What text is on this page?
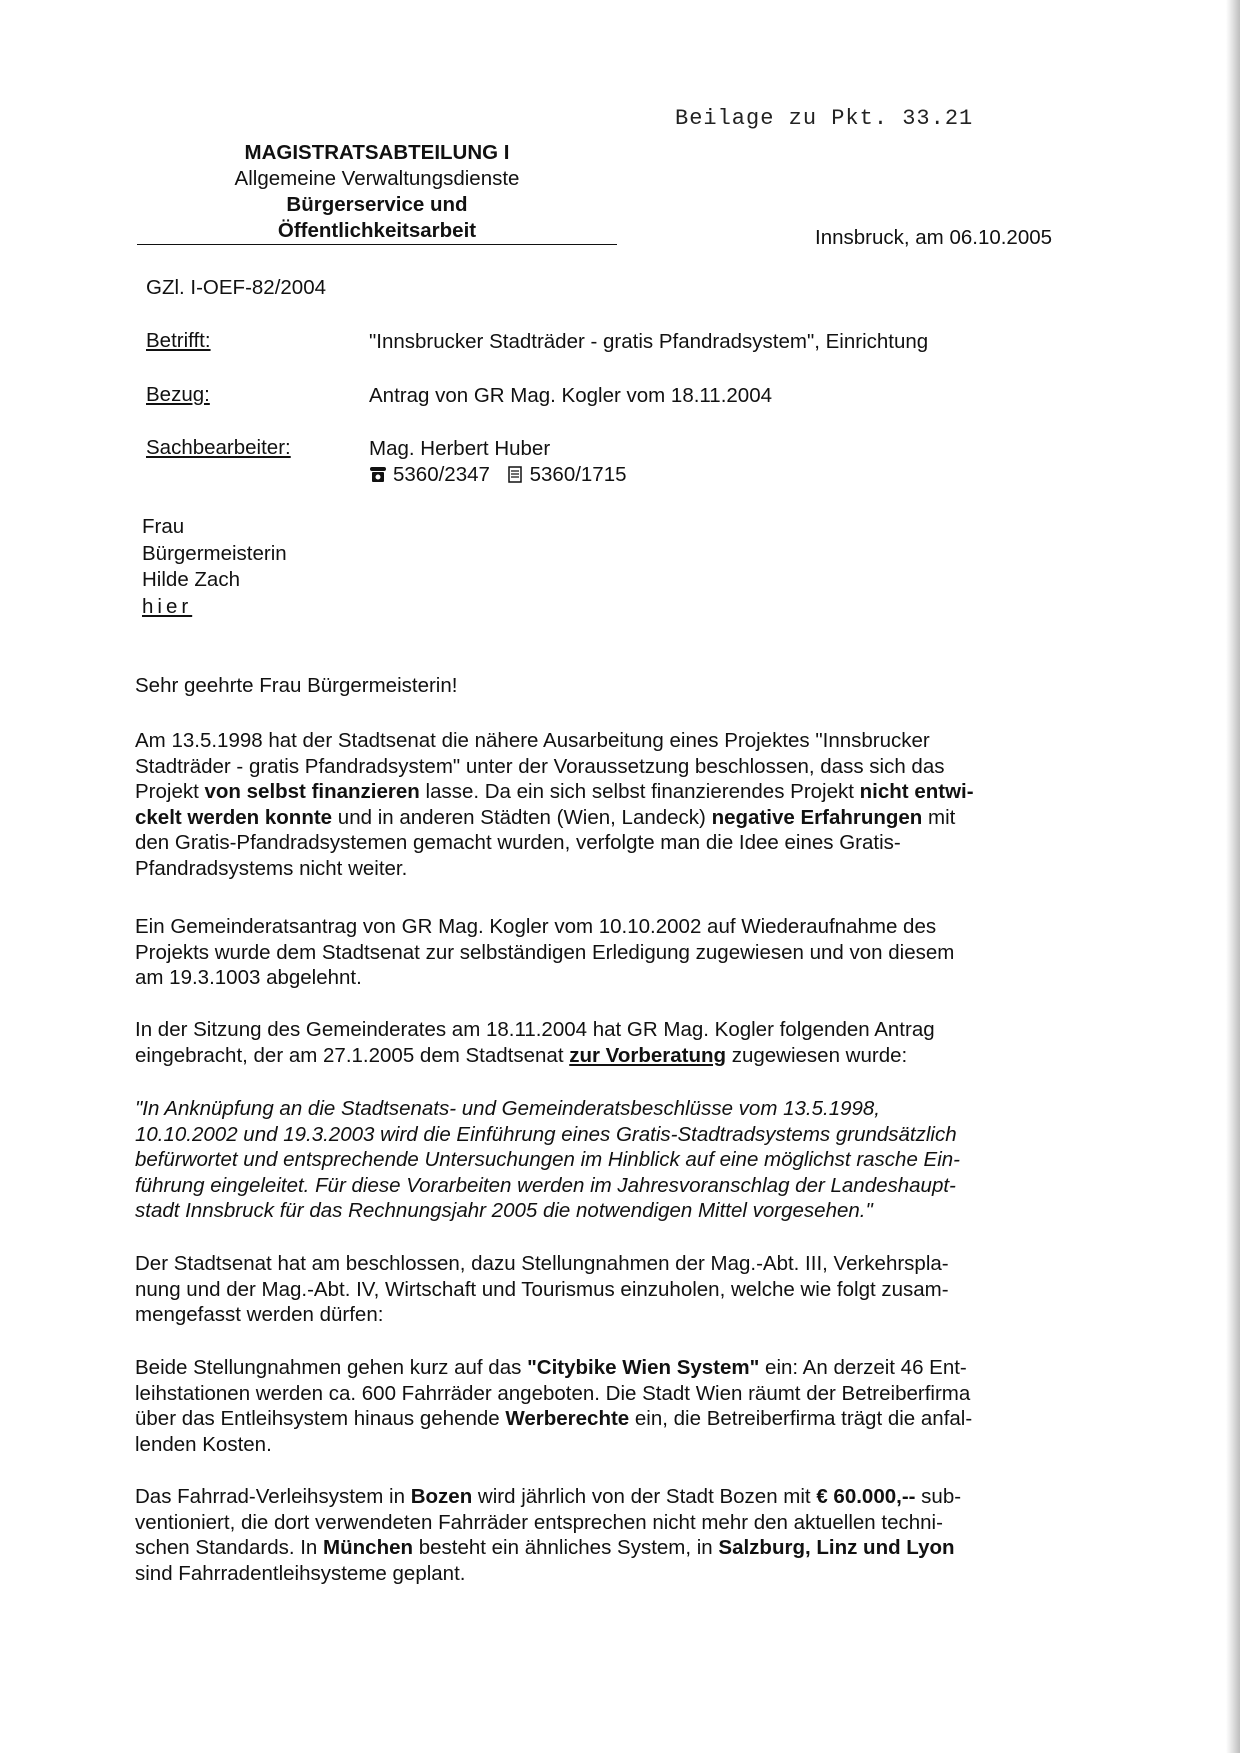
Beilage zu Pkt. 33.21
MAGISTRATSABTEILUNG I
Allgemeine Verwaltungsdienste
Bürgerservice und
Öffentlichkeitsarbeit	Innsbruck, am 06.10.2005
GZl. I-OEF-82/2004
Betrifft:	"Innsbrucker Stadträder - gratis Pfandradsystem", Einrichtung
Bezug:	Antrag von GR Mag. Kogler vom 18.11.2004
Sachbearbeiter:	Mag. Herbert Huber
5360/2347 5360/1715
Frau
Bürgermeisterin
Hilde Zach
hier
Sehr geehrte Frau Bürgermeisterin!
Am 13.5.1998 hat der Stadtsenat die nähere Ausarbeitung eines Projektes "Innsbrucker
Stadträder - gratis Pfandradsystem" unter der Voraussetzung beschlossen, dass sich das
Projekt von selbst finanzieren lasse. Da ein sich selbst finanzierendes Projekt nicht entwi-
ckelt werden konnte und in anderen Städten (Wien, Landeck) negative Erfahrungen mit
den Gratis-Pfandradsystemen gemacht wurden, verfolgte man die Idee eines Gratis-
Pfandradsystems nicht weiter.
Ein Gemeinderatsantrag von GR Mag. Kogler vom 10.10.2002 auf Wiederaufnahme des
Projekts wurde dem Stadtsenat zur selbständigen Erledigung zugewiesen und von diesem
am 19.3.1003 abgelehnt.
In der Sitzung des Gemeinderates am 18.11.2004 hat GR Mag. Kogler folgenden Antrag
eingebracht, der am 27.1.2005 dem Stadtsenat zur Vorberatung zugewiesen wurde:
"In Anknüpfung an die Stadtsenats- und Gemeinderatsbeschlüsse vom 13.5.1998,
10.10.2002 und 19.3.2003 wird die Einführung eines Gratis-Stadtradsystems grundsätzlich
befürwortet und entsprechende Untersuchungen im Hinblick auf eine möglichst rasche Ein-
führung eingeleitet. Für diese Vorarbeiten werden im Jahresvoranschlag der Landeshaupt-
stadt Innsbruck für das Rechnungsjahr 2005 die notwendigen Mittel vorgesehen."
Der Stadtsenat hat am beschlossen, dazu Stellungnahmen der Mag.-Abt. III, Verkehrspla-
nung und der Mag.-Abt. IV, Wirtschaft und Tourismus einzuholen, welche wie folgt zusam-
mengefasst werden dürfen:
Beide Stellungnahmen gehen kurz auf das "Citybike Wien System" ein: An derzeit 46 Ent-
leihstationen werden ca. 600 Fahrräder angeboten. Die Stadt Wien räumt der Betreiberfirma
über das Entleihsystem hinaus gehende Werberechte ein, die Betreiberfirma trägt die anfal-
lenden Kosten.
Das Fahrrad-Verleihsystem in Bozen wird jährlich von der Stadt Bozen mit € 60.000,-- sub-
ventioniert, die dort verwendeten Fahrräder entsprechen nicht mehr den aktuellen techni-
schen Standards. In München besteht ein ähnliches System, in Salzburg, Linz und Lyon
sind Fahrradentleihsysteme geplant.
